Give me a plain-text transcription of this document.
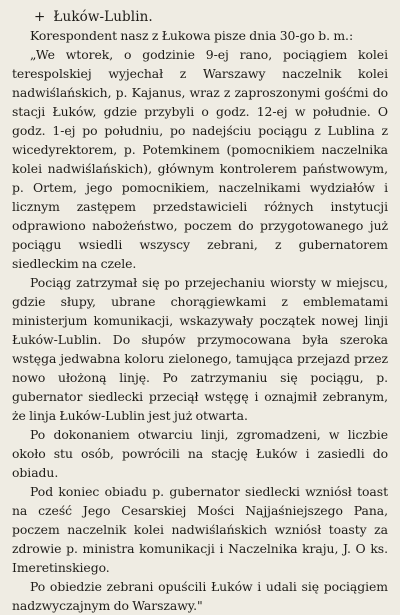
+ Łuków-Lublin.

Korespondent nasz z Łukowa pisze dnia 30-go b. m.:

„We wtorek, o godzinie 9-ej rano, pociągiem kolei terespolskiej wyjechał z Warszawy naczelnik kolei nadwiślańskich, p. Kajanus, wraz z zaproszonymi gośćmi do stacji Łuków, gdzie przybyli o godz. 12-ej w południe. O godz. 1-ej po południu, po nadejściu pociągu z Lublina z wicedyrektorem, p. Potemkinem (pomocnikiem naczelnika kolei nadwiślańskich), głównym kontrolerem państwowym, p. Ortem, jego pomocnikiem, naczelnikami wydziałów i licznym zastępem przedstawicieli różnych instytucji odprawiono nabożeństwo, poczem do przygotowanego już pociągu wsiedli wszyscy zebrani, z gubernatorem siedleckim na czele.

Pociąg zatrzymał się po przejechaniu wiorsty w miejscu, gdzie słupy, ubrane chorągiewkami z emblematami ministerjum komunikacji, wskazywały początek nowej linji Łuków-Lublin. Do słupów przymocowana była szeroka wstęga jedwabna koloru zielonego, tamująca przejazd przez nowo ułożoną linję. Po zatrzymaniu się pociągu, p. gubernator siedlecki przeciął wstęgę i oznajmił zebranym, że linja Łuków-Lublin jest już otwarta.

Po dokonaniem otwarciu linji, zgromadzeni, w liczbie około stu osób, powrócili na stację Łuków i zasiedli do obiadu.

Pod koniec obiadu p. gubernator siedlecki wzniósł toast na cześć Jego Cesarskiej Mości Najjaśniejszego Pana, poczem naczelnik kolei nadwiślańskich wzniósł toasty za zdrowie p. ministra komunikacji i Naczelnika kraju, J. O ks. Imeretinskiego.

Po obiedzie zebrani opuścili Łuków i udali się pociągiem nadzwyczajnym do Warszawy."
